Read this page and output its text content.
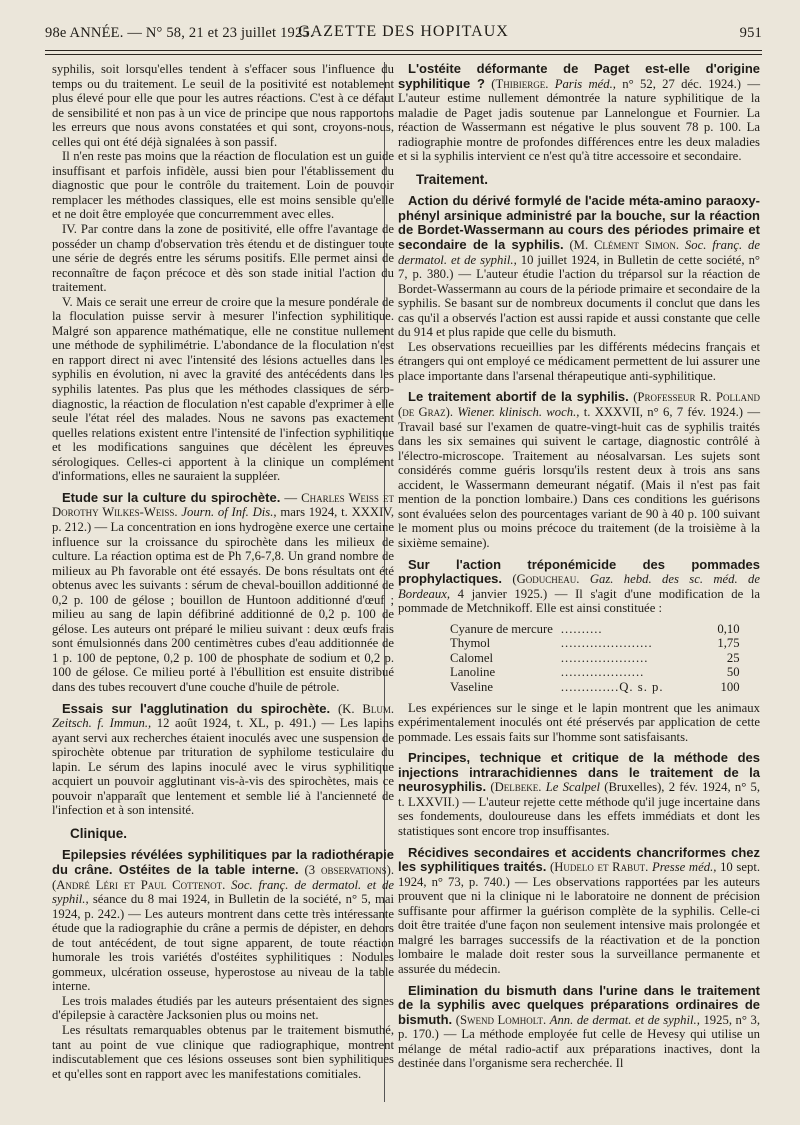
98e ANNÉE. — N° 58, 21 et 23 juillet 1925.
GAZETTE DES HOPITAUX	951

syphilis, soit lorsqu'elles tendent à s'effacer sous l'influence du temps ou du traitement. Le seuil de la positivité est notablement plus élevé pour elle que pour les autres réactions. C'est à ce défaut de sensibilité et non pas à un vice de principe que nous rapportons les erreurs que nous avons constatées et qui sont, croyons-nous, celles qui ont été déjà signalées à son passif.

Il n'en reste pas moins que la réaction de floculation est un guide insuffisant et parfois infidèle, aussi bien pour l'établissement du diagnostic que pour le contrôle du traitement. Loin de pouvoir remplacer les méthodes classiques, elle est moins sensible qu'elle et ne doit être employée que concurremment avec elles.

IV. Par contre dans la zone de positivité, elle offre l'avantage de posséder un champ d'observation très étendu et de distinguer toute une série de degrés entre les sérums positifs. Elle permet ainsi de reconnaître de façon précoce et dès son stade initial l'action du traitement.

V. Mais ce serait une erreur de croire que la mesure pondérale de la floculation puisse servir à mesurer l'infection syphilitique. Malgré son apparence mathématique, elle ne constitue nullement une méthode de syphilimétrie. L'abondance de la floculation n'est en rapport direct ni avec l'intensité des lésions actuelles dans les syphilis en évolution, ni avec la gravité des antécédents dans les syphilis latentes. Pas plus que les méthodes classiques de séro-diagnostic, la réaction de floculation n'est capable d'exprimer à elle seule l'état réel des malades. Nous ne savons pas exactement quelles relations existent entre l'intensité de l'infection syphilitique et les modifications sanguines que décèlent les épreuves sérologiques. Celles-ci apportent à la clinique un complément d'informations, elles ne sauraient la suppléer.

Etude sur la culture du spirochète. — Charles Weiss et Dorothy Wilkes-Weiss. Journ. of Inf. Dis., mars 1924, t. XXXIV, p. 212.) — La concentration en ions hydrogène exerce une certaine influence sur la croissance du spirochète dans les milieux de culture. La réaction optima est de Ph 7,6-7,8. Un grand nombre de milieux au Ph favorable ont été essayés. De bons résultats ont été obtenus avec les suivants : sérum de cheval-bouillon additionné de 0,2 p. 100 de gélose ; bouillon de Huntoon additionné d'œuf ; milieu au sang de lapin défibriné additionné de 0,2 p. 100 de gélose. Les auteurs ont préparé le milieu suivant : deux œufs frais sont émulsionnés dans 200 centimètres cubes d'eau additionnée de 1 p. 100 de peptone, 0,2 p. 100 de phosphate de sodium et 0,2 p. 100 de gélose. Ce milieu porté à l'ébullition est ensuite distribué dans des tubes recouvert d'une couche d'huile de pétrole.

Essais sur l'agglutination du spirochète. (K. Blum. Zeitsch. f. Immun., 12 août 1924, t. XL, p. 491.) — Les lapins ayant servi aux recherches étaient inoculés avec une suspension de spirochète obtenue par trituration de syphilome testiculaire du lapin. Le sérum des lapins inoculé avec le virus syphilitique acquiert un pouvoir agglutinant vis-à-vis des spirochètes, mais ce pouvoir n'apparaît que lentement et semble lié à l'ancienneté de l'infection et à son intensité.

Clinique.

Epilepsies révélées syphilitiques par la radiothérapie du crâne. Ostéites de la table interne. (3 observations). (André Léri et Paul Cottenot. Soc. franç. de dermatol. et de syphil., séance du 8 mai 1924, in Bulletin de la société, n° 5, mai 1924, p. 242.) — Les auteurs montrent dans cette très intéressante étude que la radiographie du crâne a permis de dépister, en dehors de tout antécédent, de tout signe apparent, de toute réaction humorale les trois variétés d'ostéites syphilitiques : Nodules gommeux, ulcération osseuse, hyperostose au niveau de la table interne.

Les trois malades étudiés par les auteurs présentaient des signes d'épilepsie à caractère Jacksonien plus ou moins net.

Les résultats remarquables obtenus par le traitement bismuthé, tant au point de vue clinique que radiographique, montrent indiscutablement que ces lésions osseuses sont bien syphilitiques et qu'elles sont en rapport avec les manifestations comitiales.

L'ostéite déformante de Paget est-elle d'origine syphilitique ? (Thibierge. Paris méd., n° 52, 27 déc. 1924.) — L'auteur estime nullement démontrée la nature syphilitique de la maladie de Paget jadis soutenue par Lannelongue et Fournier. La réaction de Wassermann est négative le plus souvent 78 p. 100. La radiographie montre de profondes différences entre les deux maladies et si la syphilis intervient ce n'est qu'à titre accessoire et secondaire.

Traitement.

Action du dérivé formylé de l'acide méta-amino paraoxy-phényl arsinique administré par la bouche, sur la réaction de Bordet-Wassermann au cours des périodes primaire et secondaire de la syphilis. (M. Clément Simon. Soc. franç. de dermatol. et de syphil., 10 juillet 1924, in Bulletin de cette société, n° 7, p. 380.) — L'auteur étudie l'action du tréparsol sur la réaction de Bordet-Wassermann au cours de la période primaire et secondaire de la syphilis. Se basant sur de nombreux documents il conclut que dans les cas qu'il a observés l'action est aussi rapide et aussi constante que celle du 914 et plus rapide que celle du bismuth.

Les observations recueillies par les différents médecins français et étrangers qui ont employé ce médicament permettent de lui assurer une place importante dans l'arsenal thérapeutique anti-syphilitique.

Le traitement abortif de la syphilis. (Professeur R. Polland (de Graz). Wiener. klinisch. woch., t. XXXVII, n° 6, 7 fév. 1924.) — Travail basé sur l'examen de quatre-vingt-huit cas de syphilis traités dans les six semaines qui suivent le cartage, diagnostic contrôlé à l'électro-microscope. Traitement au néosalvarsan. Les sujets sont considérés comme guéris lorsqu'ils restent deux à trois ans sans accident, le Wassermann demeurant négatif. (Mais il n'est pas fait mention de la ponction lombaire.) Dans ces conditions les guérisons sont évaluées selon des pourcentages variant de 90 à 40 p. 100 suivant le moment plus ou moins précoce du traitement (de la troisième à la sixième semaine).

Sur l'action tréponémicide des pommades prophylactiques. (Goducheau. Gaz. hebd. des sc. méd. de Bordeaux, 4 janvier 1925.) — Il s'agit d'une modification de la pommade de Metchnikoff. Elle est ainsi constituée :

Cyanure de mercure	..........	0,10
Thymol	......................	1,75
Calomel	.....................	25
Lanoline	....................	50
Vaseline	..............Q. s. p.	100

Les expériences sur le singe et le lapin montrent que les animaux expérimentalement inoculés ont été préservés par application de cette pommade. Les essais faits sur l'homme sont satisfaisants.

Principes, technique et critique de la méthode des injections intrarachidiennes dans le traitement de la neurosyphilis. (Delbeke. Le Scalpel (Bruxelles), 2 fév. 1924, n° 5, t. LXXVII.) — L'auteur rejette cette méthode qu'il juge incertaine dans ses fondements, douloureuse dans les effets immédiats et dont les statistiques sont encore trop insuffisantes.

Récidives secondaires et accidents chancriformes chez les syphilitiques traités. (Hudelo et Rabut. Presse méd., 10 sept. 1924, n° 73, p. 740.) — Les observations rapportées par les auteurs prouvent que ni la clinique ni le laboratoire ne donnent de précision suffisante pour affirmer la guérison complète de la syphilis. Celle-ci doit être traitée d'une façon non seulement intensive mais prolongée et malgré les barrages successifs de la réactivation et de la ponction lombaire le malade doit rester sous la surveillance permanente et assurée du médecin.

Elimination du bismuth dans l'urine dans le traitement de la syphilis avec quelques préparations ordinaires de bismuth. (Swend Lomholt. Ann. de dermat. et de syphil., 1925, n° 3, p. 170.) — La méthode employée fut celle de Hevesy qui utilise un mélange de métal radio-actif aux préparations inactives, dont la destinée dans l'organisme sera recherchée. Il
